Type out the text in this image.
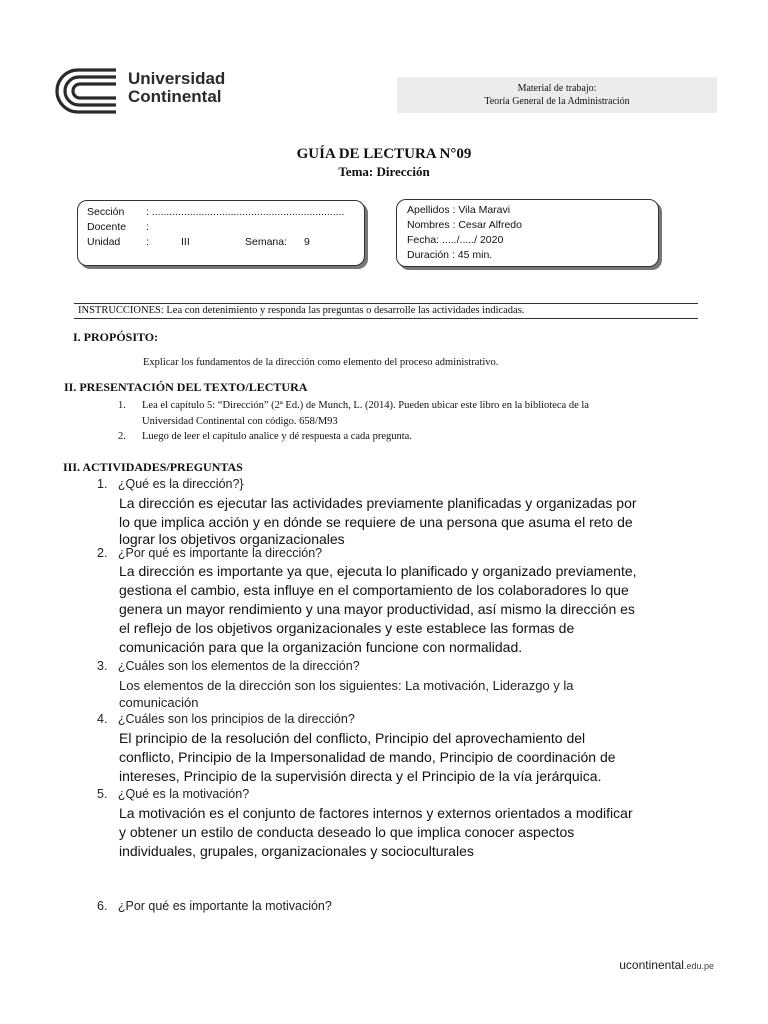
Universidad
Continental	Material de trabajo:
Teoría General de la Administración
GUÍA DE LECTURA N°09
Tema: Dirección
Sección : ..................................................................
Docente :
Unidad :	III	Semana: 9
Apellidos : Vila Maravi
Nombres : Cesar Alfredo
Fecha: ...../...../ 2020
Duración : 45 min.
INSTRUCCIONES: Lea con detenimiento y responda las preguntas o desarrolle las actividades indicadas.
I. PROPÓSITO:
Explicar los fundamentos de la dirección como elemento del proceso administrativo.
II. PRESENTACIÓN DEL TEXTO/LECTURA
1. Lea el capítulo 5: “Dirección” (2ª Ed.) de Munch, L. (2014). Pueden ubicar este libro en la biblioteca de la
Universidad Continental con código. 658/M93
2. Luego de leer el capítulo analice y dé respuesta a cada pregunta.
III. ACTIVIDADES/PREGUNTAS
1.   ¿Qué es la dirección?}
La dirección es ejecutar las actividades previamente planificadas y organizadas por
lo que implica acción y en dónde se requiere de una persona que asuma el reto de
lograr los objetivos organizacionales
2.   ¿Por qué es importante la dirección?
La dirección es importante ya que, ejecuta lo planificado y organizado previamente,
gestiona el cambio, esta influye en el comportamiento de los colaboradores lo que
genera un mayor rendimiento y una mayor productividad, así mismo la dirección es
el reflejo de los objetivos organizacionales y este establece las formas de
comunicación para que la organización funcione con normalidad.
3.   ¿Cuáles son los elementos de la dirección?
Los elementos de la dirección son los siguientes: La motivación, Liderazgo y la
comunicación
4.   ¿Cuáles son los principios de la dirección?
El principio de la resolución del conflicto, Principio del aprovechamiento del
conflicto, Principio de la Impersonalidad de mando, Principio de coordinación de
intereses, Principio de la supervisión directa y el Principio de la vía jerárquica.
5.   ¿Qué es la motivación?
La motivación es el conjunto de factores internos y externos orientados a modificar
y obtener un estilo de conducta deseado lo que implica conocer aspectos
individuales, grupales, organizacionales y socioculturales
6.   ¿Por qué es importante la motivación?
ucontinental.edu.pe
